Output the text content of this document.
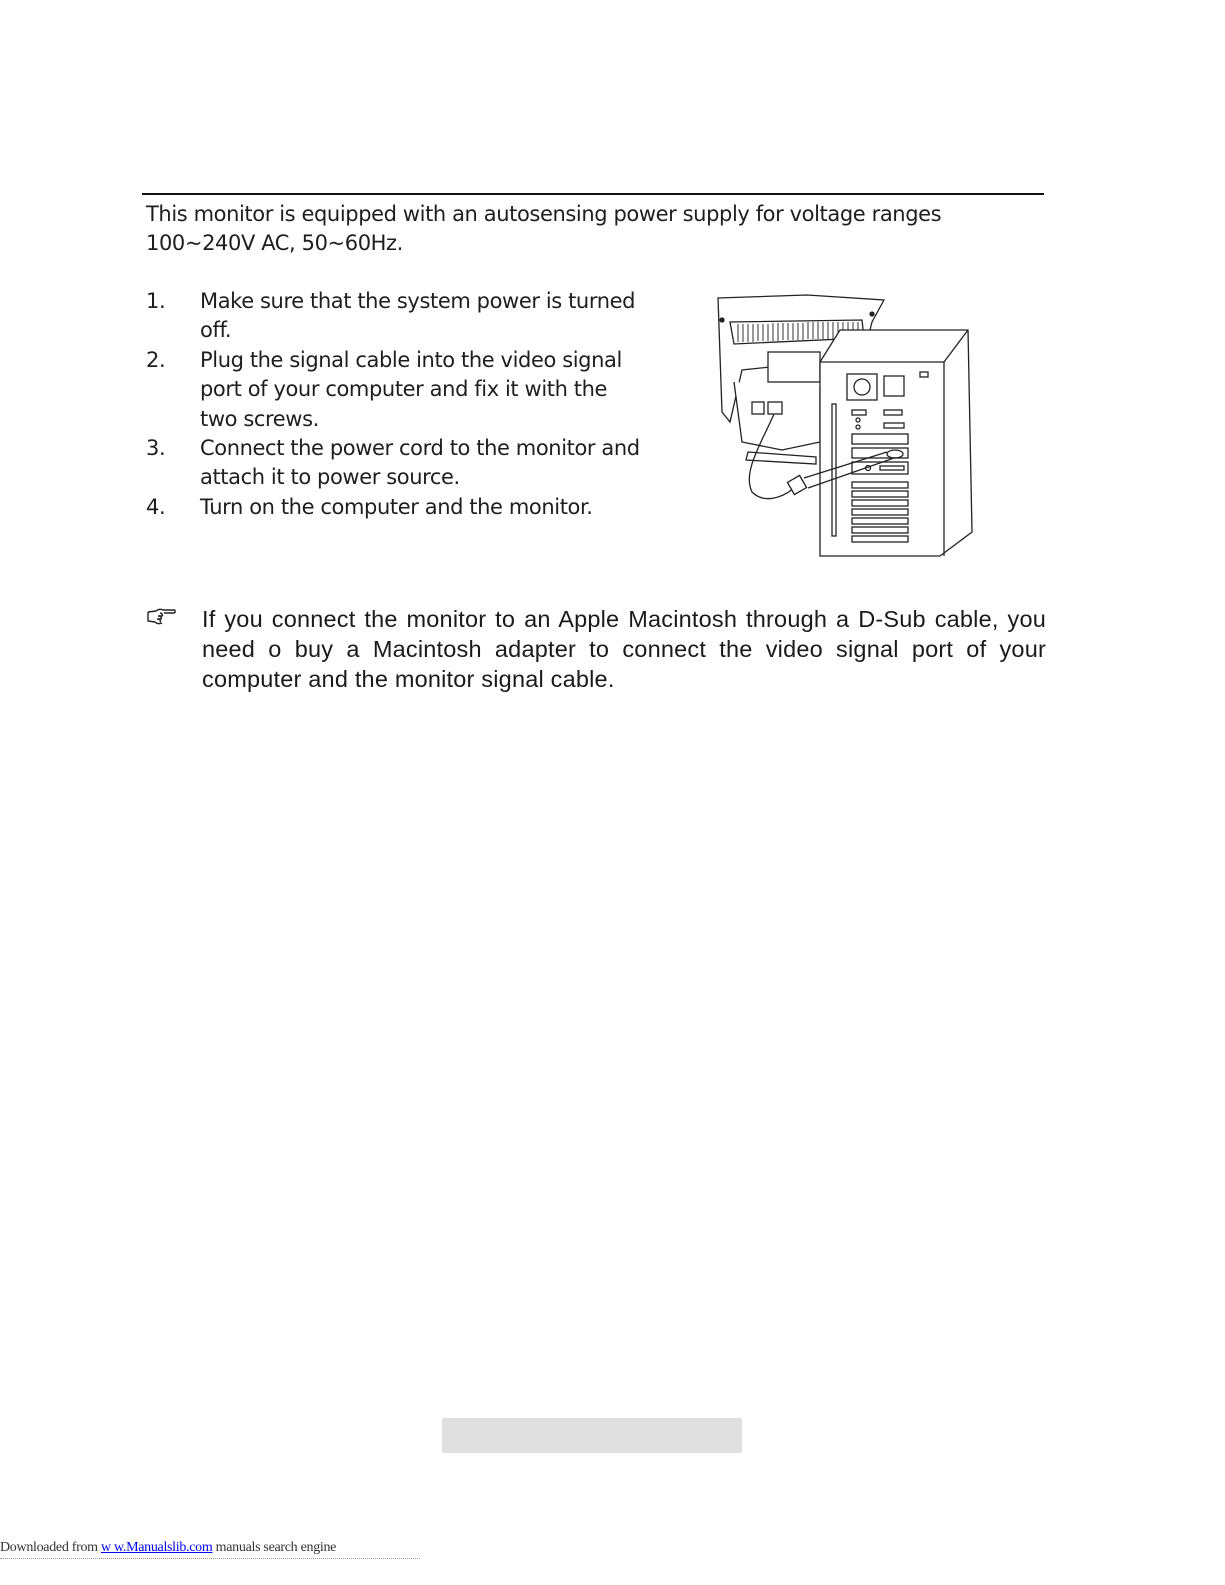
This monitor is equipped with an autosensing power supply for voltage ranges
100~240V AC, 50~60Hz.

1. Make sure that the system power is turned off.
2. Plug the signal cable into the video signal port of your computer and fix it with the two screws.
3. Connect the power cord to the monitor and attach it to power source.
4. Turn on the computer and the monitor.
If you connect the monitor to an Apple Macintosh through a D-Sub cable, you need o buy a Macintosh adapter to connect the video signal port of your computer and the monitor signal cable.
Downloaded from w w.Manualslib.com manuals search engine
